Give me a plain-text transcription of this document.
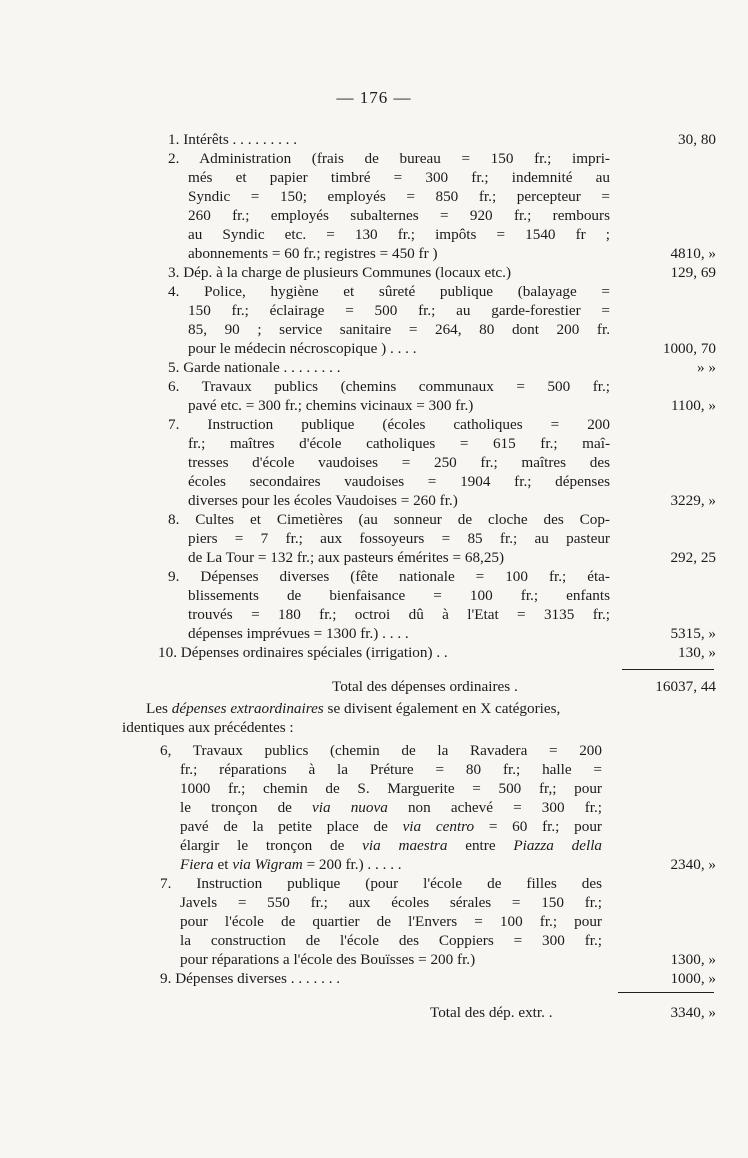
— 176 —
1. Intérêts . . . . . . . . .	30, 80
2. Administration (frais de bureau = 150 fr.; impri-
més et papier timbré = 300 fr.; indemnité au
Syndic = 150; employés = 850 fr.; percepteur =
260 fr.; employés subalternes = 920 fr.; rembours
au Syndic etc. = 130 fr.; impôts = 1540 fr ;
abonnements = 60 fr.; registres = 450 fr )	4810, »
3. Dép. à la charge de plusieurs Communes (locaux etc.)	129, 69
4. Police, hygiène et sûreté publique (balayage =
150 fr.; éclairage = 500 fr.; au garde-forestier =
85, 90 ; service sanitaire = 264, 80 dont 200 fr.
pour le médecin nécroscopique ) . . . .	1000, 70
5. Garde nationale . . . . . . . .	» »
6. Travaux publics (chemins communaux = 500 fr.;
pavé etc. = 300 fr.; chemins vicinaux = 300 fr.)	1100, »
7. Instruction publique (écoles catholiques = 200
fr.; maîtres d'école catholiques = 615 fr.; maî-
tresses d'école vaudoises = 250 fr.; maîtres des
écoles secondaires vaudoises = 1904 fr.; dépenses
diverses pour les écoles Vaudoises = 260 fr.)	3229, »
8. Cultes et Cimetières (au sonneur de cloche des Cop-
piers = 7 fr.; aux fossoyeurs = 85 fr.; au pasteur
de La Tour = 132 fr.; aux pasteurs émérites = 68,25)	292, 25
9. Dépenses diverses (fête nationale = 100 fr.; éta-
blissements de bienfaisance = 100 fr.; enfants
trouvés = 180 fr.; octroi dû à l'Etat = 3135 fr.;
dépenses imprévues = 1300 fr.) . . . .	5315, »
10. Dépenses ordinaires spéciales (irrigation) . .	130, »
Total des dépenses ordinaires .	16037, 44
Les dépenses extraordinaires se divisent également en X catégories,
identiques aux précédentes :
6, Travaux publics (chemin de la Ravadera = 200
fr.; réparations à la Préture = 80 fr.; halle =
1000 fr.; chemin de S. Marguerite = 500 fr,; pour
le tronçon de via nuova non achevé = 300 fr.;
pavé de la petite place de via centro = 60 fr.; pour
élargir le tronçon de via maestra entre Piazza della
Fiera et via Wigram = 200 fr.) . . . . .	2340, »
7. Instruction publique (pour l'école de filles des
Javels = 550 fr.; aux écoles sérales = 150 fr.;
pour l'école de quartier de l'Envers = 100 fr.; pour
la construction de l'école des Coppiers = 300 fr.;
pour réparations a l'école des Bouïsses = 200 fr.)	1300, »
9. Dépenses diverses . . . . . . .	1000, »
Total des dép. extr. .	3340, »
